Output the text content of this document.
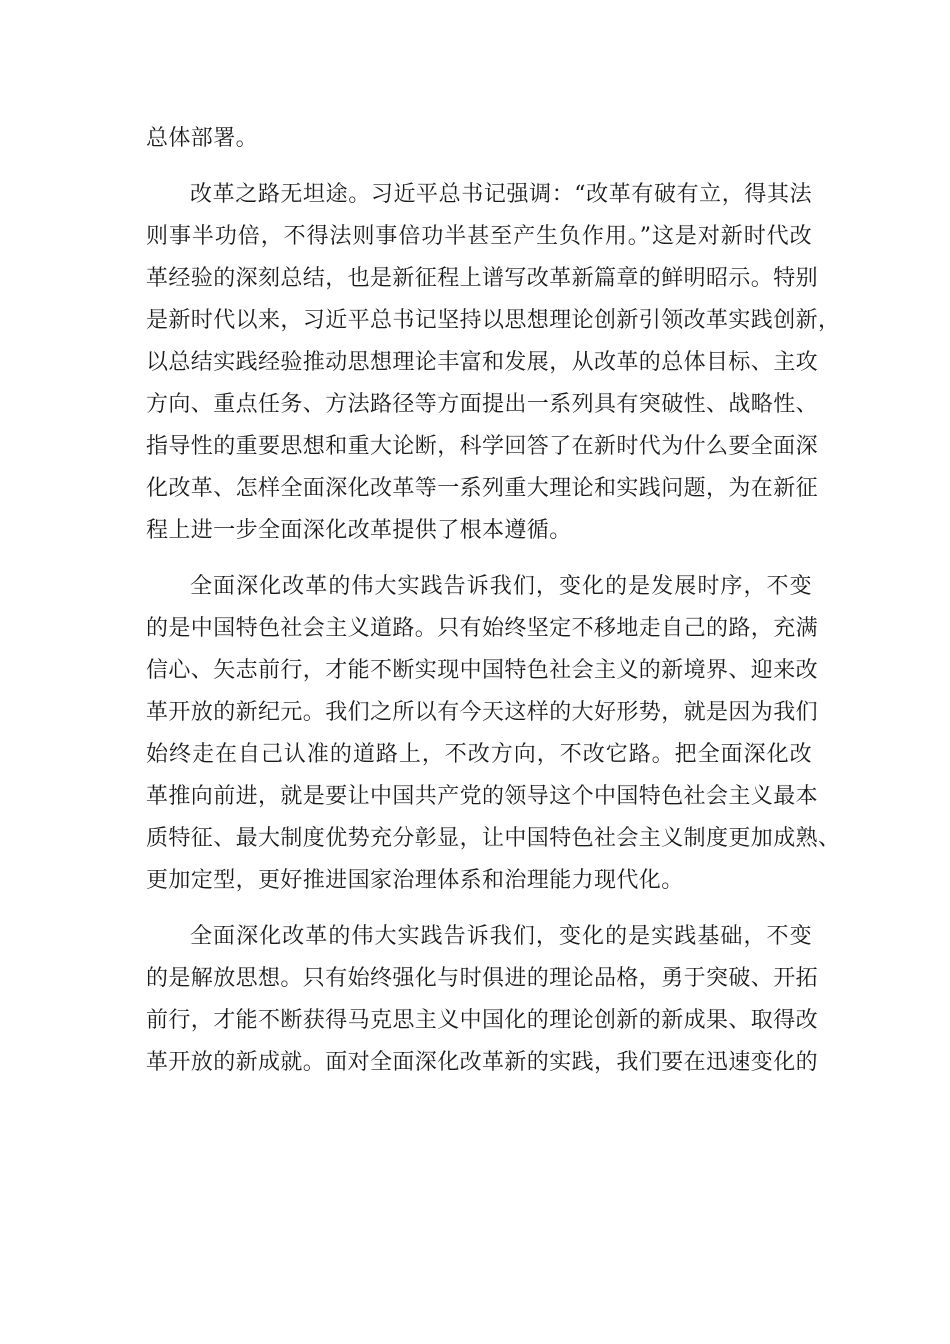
总体部署。
改革之路无坦途。习近平总书记强调：“改革有破有立，得其法
则事半功倍，不得法则事倍功半甚至产生负作用。”这是对新时代改
革经验的深刻总结，也是新征程上谱写改革新篇章的鲜明昭示。特别
是新时代以来，习近平总书记坚持以思想理论创新引领改革实践创新，
以总结实践经验推动思想理论丰富和发展，从改革的总体目标、主攻
方向、重点任务、方法路径等方面提出一系列具有突破性、战略性、
指导性的重要思想和重大论断，科学回答了在新时代为什么要全面深
化改革、怎样全面深化改革等一系列重大理论和实践问题，为在新征
程上进一步全面深化改革提供了根本遵循。
全面深化改革的伟大实践告诉我们，变化的是发展时序，不变
的是中国特色社会主义道路。只有始终坚定不移地走自己的路，充满
信心、矢志前行，才能不断实现中国特色社会主义的新境界、迎来改
革开放的新纪元。我们之所以有今天这样的大好形势，就是因为我们
始终走在自己认准的道路上，不改方向，不改它路。把全面深化改
革推向前进，就是要让中国共产党的领导这个中国特色社会主义最本
质特征、最大制度优势充分彰显，让中国特色社会主义制度更加成熟、
更加定型，更好推进国家治理体系和治理能力现代化。
全面深化改革的伟大实践告诉我们，变化的是实践基础，不变
的是解放思想。只有始终强化与时俱进的理论品格，勇于突破、开拓
前行，才能不断获得马克思主义中国化的理论创新的新成果、取得改
革开放的新成就。面对全面深化改革新的实践，我们要在迅速变化的
